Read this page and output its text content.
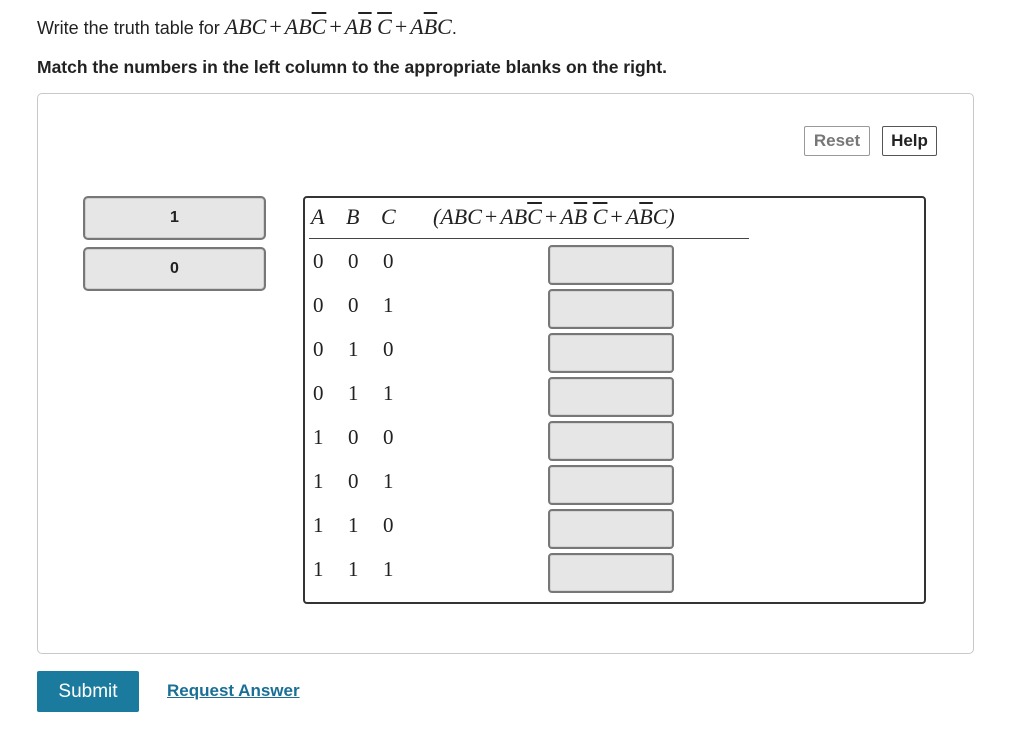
Write the truth table for ABC + $AB\overline{C} + A\overline{B}$ $\overline{C} + A\overline{B}C$.
Match the numbers in the left column to the appropriate blanks on the right.
Reset	Help
1
0
A B C ($ABC + AB\overline{C} + A\overline{B}$ $\overline{C} + A\overline{B}C$)
0 0 0
0 0 1
0 1 0
0 1 1
1 0 0
1 0 1
1 1 0
1 1 1
Submit	Request Answer
